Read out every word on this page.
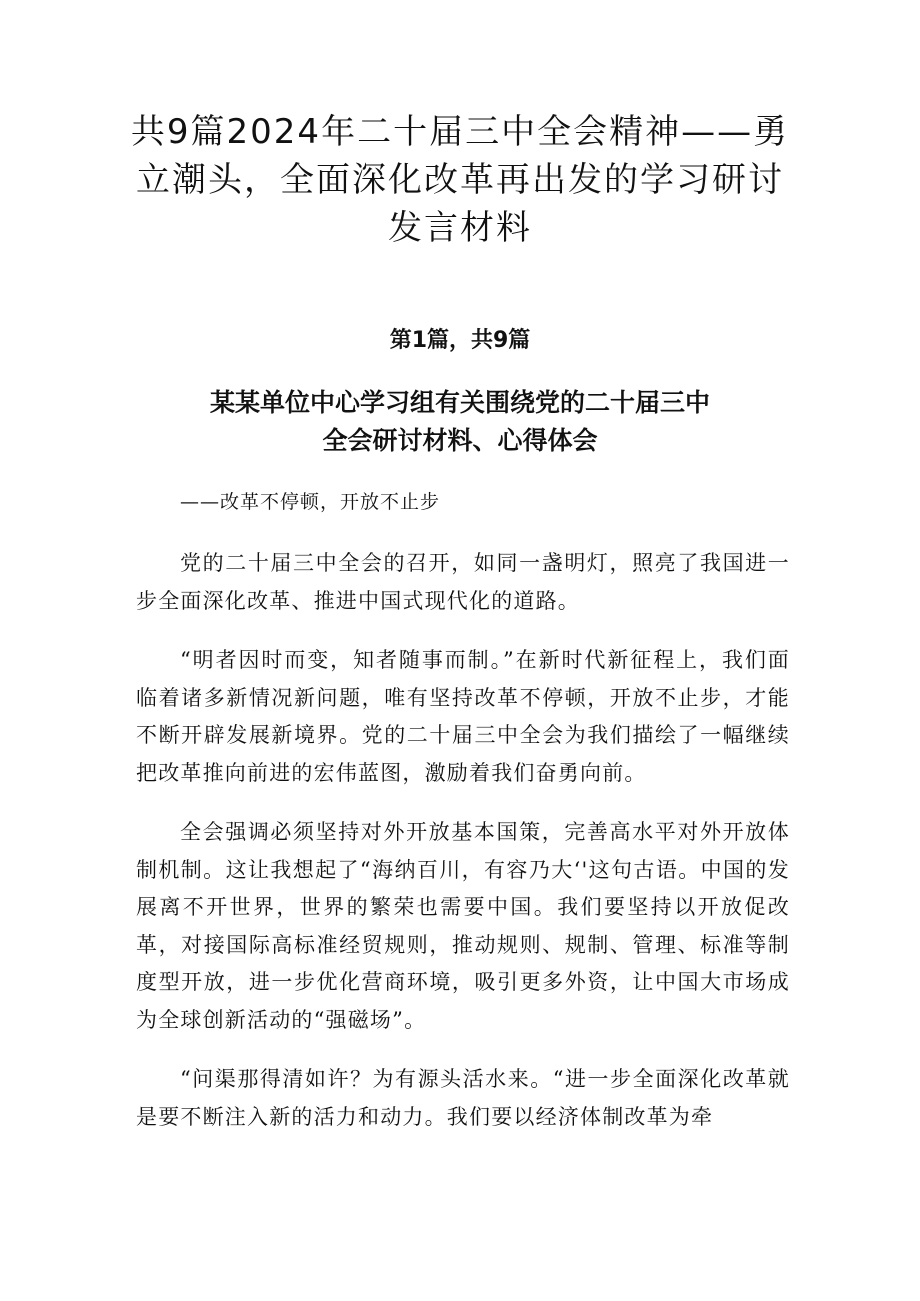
共9篇2024年二十届三中全会精神——勇
立潮头，全面深化改革再出发的学习研讨
发言材料
第1篇，共9篇
某某单位中心学习组有关围绕党的二十届三中
全会研讨材料、心得体会
——改革不停顿，开放不止步

党的二十届三中全会的召开，如同一盏明灯，照亮了我国进一步全面深化改革、推进中国式现代化的道路。

“明者因时而变，知者随事而制。”在新时代新征程上，我们面临着诸多新情况新问题，唯有坚持改革不停顿，开放不止步，才能不断开辟发展新境界。党的二十届三中全会为我们描绘了一幅继续把改革推向前进的宏伟蓝图，激励着我们奋勇向前。

全会强调必须坚持对外开放基本国策，完善高水平对外开放体制机制。这让我想起了“海纳百川，有容乃大‘'这句古语。中国的发展离不开世界，世界的繁荣也需要中国。我们要坚持以开放促改革，对接国际高标准经贸规则，推动规则、规制、管理、标准等制度型开放，进一步优化营商环境，吸引更多外资，让中国大市场成为全球创新活动的“强磁场”。

“问渠那得清如许？为有源头活水来。“进一步全面深化改革就是要不断注入新的活力和动力。我们要以经济体制改革为牵
